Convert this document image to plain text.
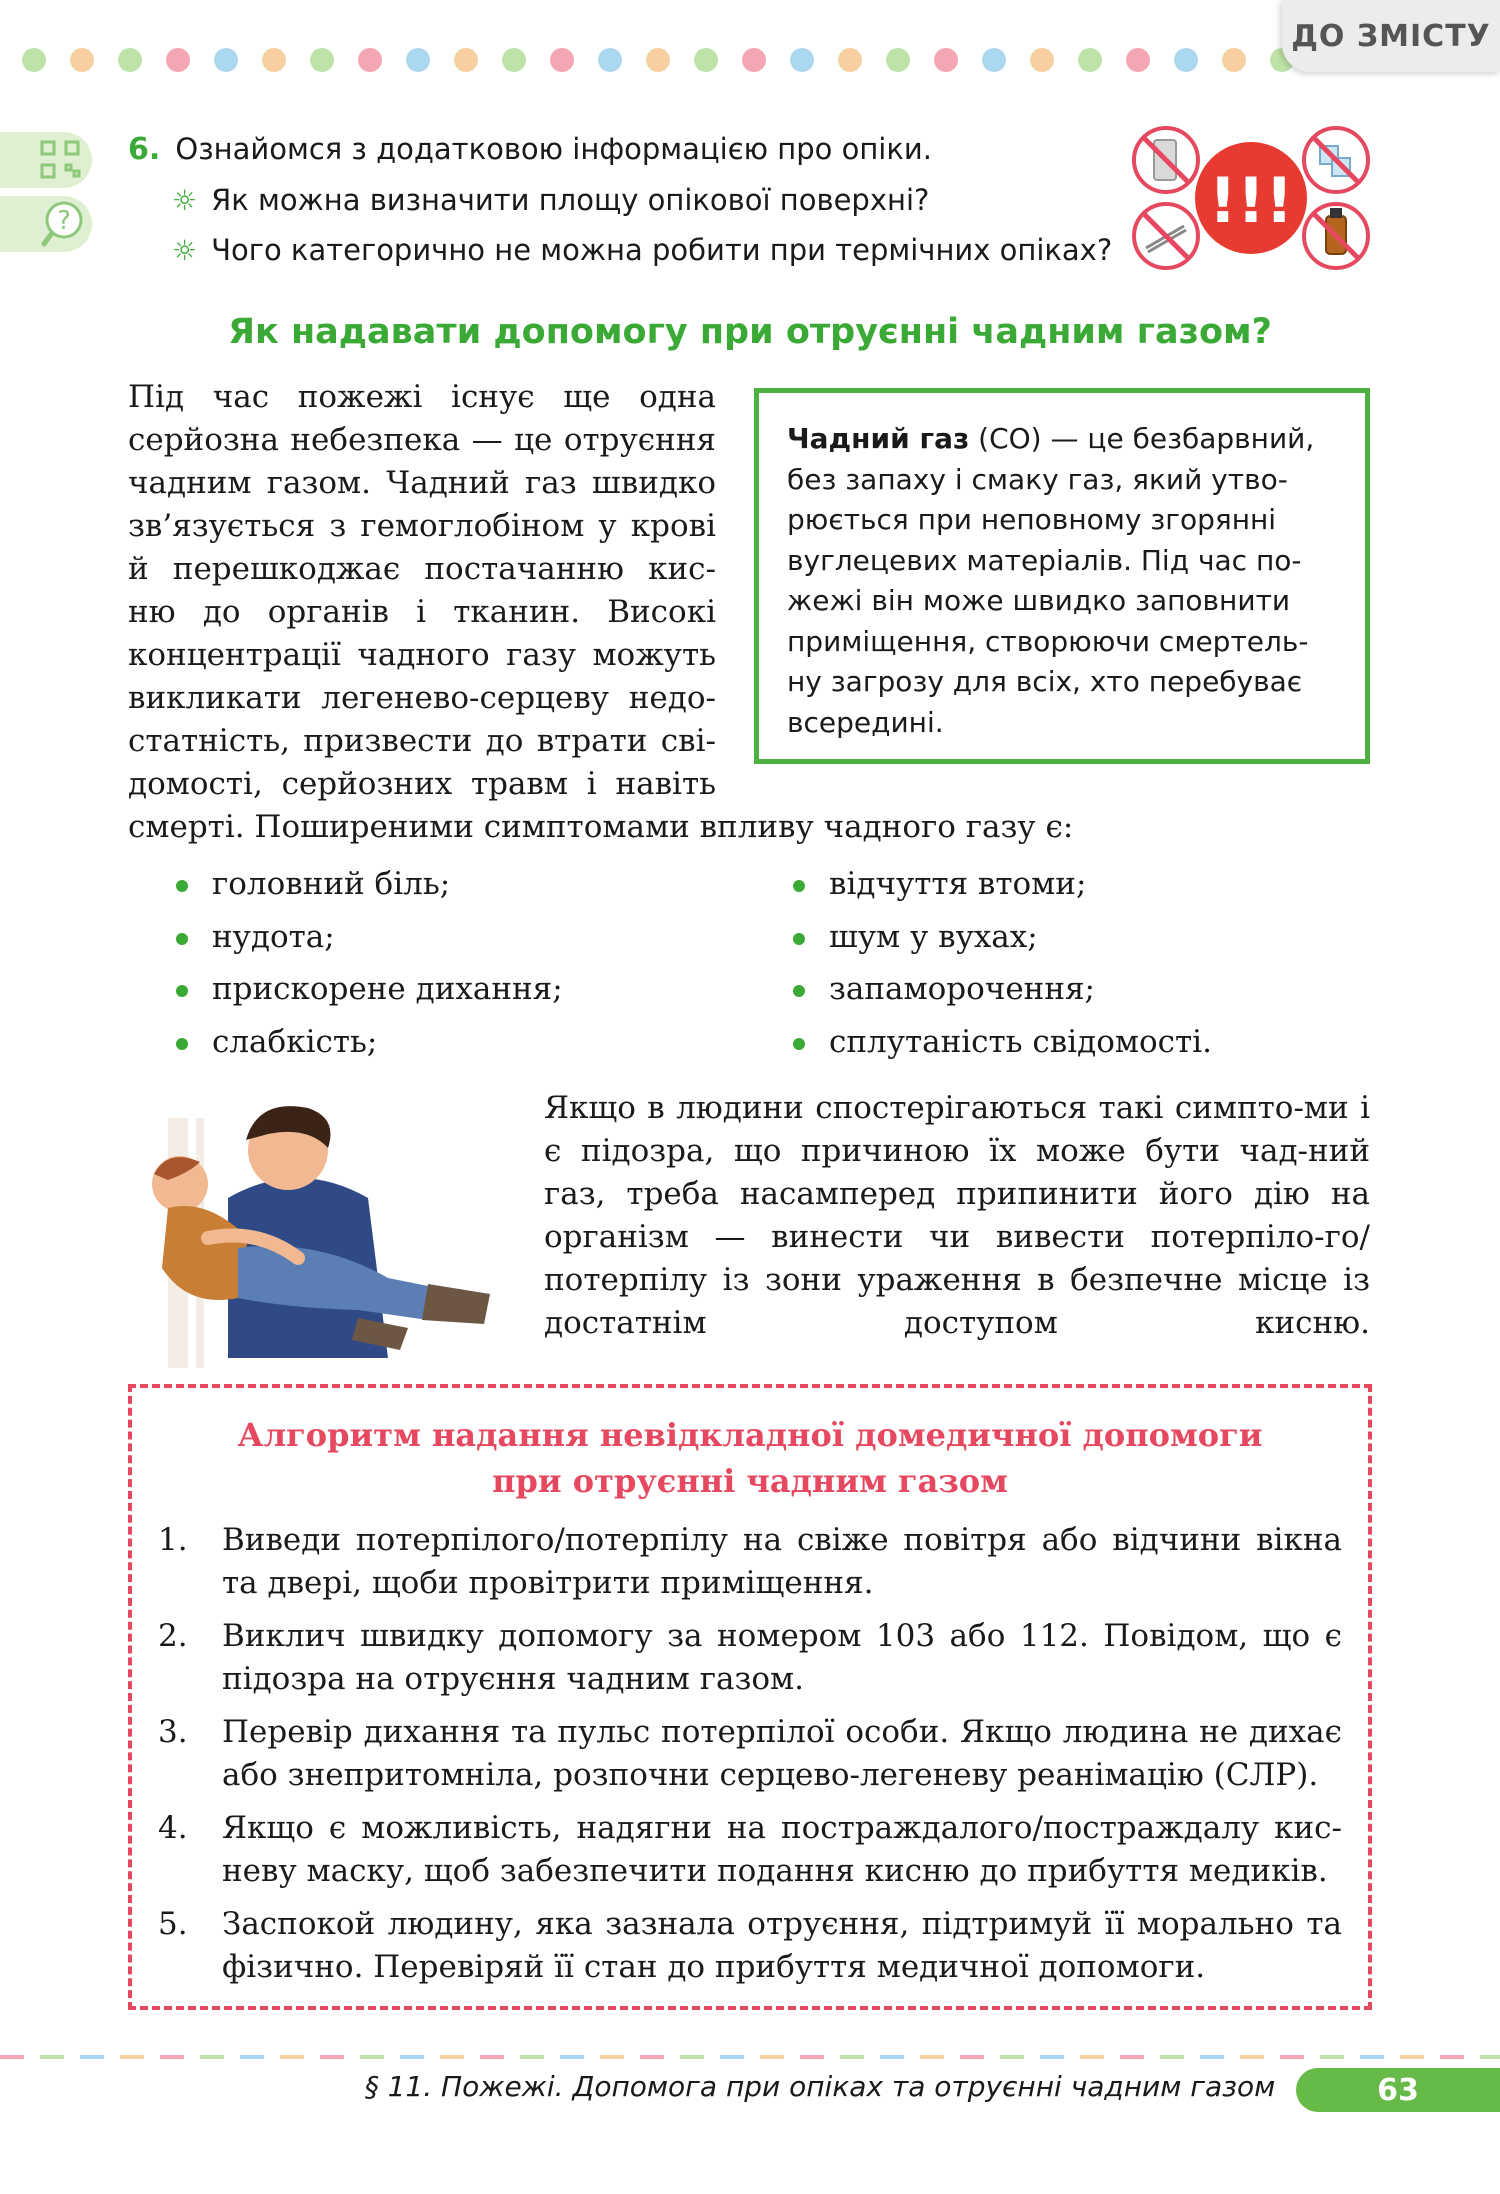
ДО ЗМІСТУ
?
6. Ознайомся з додатковою інформацією про опіки.
☼ Як можна визначити площу опікової поверхні?
☼ Чого категорично не можна робити при термічних опіках?
!!!
Як надавати допомогу при отруєнні чадним газом?
Під час пожежі існує ще одна
серйозна небезпека — це отруєння
чадним газом. Чадний газ швидко
зв’язується з гемоглобіном у крові
й перешкоджає постачанню кис-
ню до органів і тканин. Високі
концентрації чадного газу можуть
викликати легенево-серцеву недо-
статність, призвести до втрати сві-
домості, серйозних травм і навіть
смерті. Поширеними симптомами впливу чадного газу є:
Чадний газ (СО) — це безбарвний, без запаху і смаку газ, який утво-рюється при неповному згорянні вуглецевих матеріалів. Під час по-жежі він може швидко заповнити приміщення, створюючи смертель-ну загрозу для всіх, хто перебуває всередині.
головний біль;
нудота;
прискорене дихання;
слабкість;
відчуття втоми;
шум у вухах;
запаморочення;
сплутаність свідомості.
Якщо в людини спостерігаються такі симпто-ми і є підозра, що причиною їх може бути чад-ний газ, треба насамперед припинити його дію на організм — винести чи вивести потерпіло-го/потерпілу із зони ураження в безпечне місце із достатнім доступом кисню.
Алгоритм надання невідкладної домедичної допомоги
при отруєнні чадним газом
1. Виведи потерпілого/потерпілу на свіже повітря або відчини вікна та двері, щоби провітрити приміщення.
2. Виклич швидку допомогу за номером 103 або 112. Повідом, що є підозра на отруєння чадним газом.
3. Перевір дихання та пульс потерпілої особи. Якщо людина не дихає або знепритомніла, розпочни серцево-легеневу реанімацію (СЛР).
4. Якщо є можливість, надягни на постраждалого/постраждалу кис-неву маску, щоб забезпечити подання кисню до прибуття медиків.
5. Заспокой людину, яка зазнала отруєння, підтримуй її морально та фізично. Перевіряй її стан до прибуття медичної допомоги.
§ 11. Пожежі. Допомога при опіках та отруєнні чадним газом	63
